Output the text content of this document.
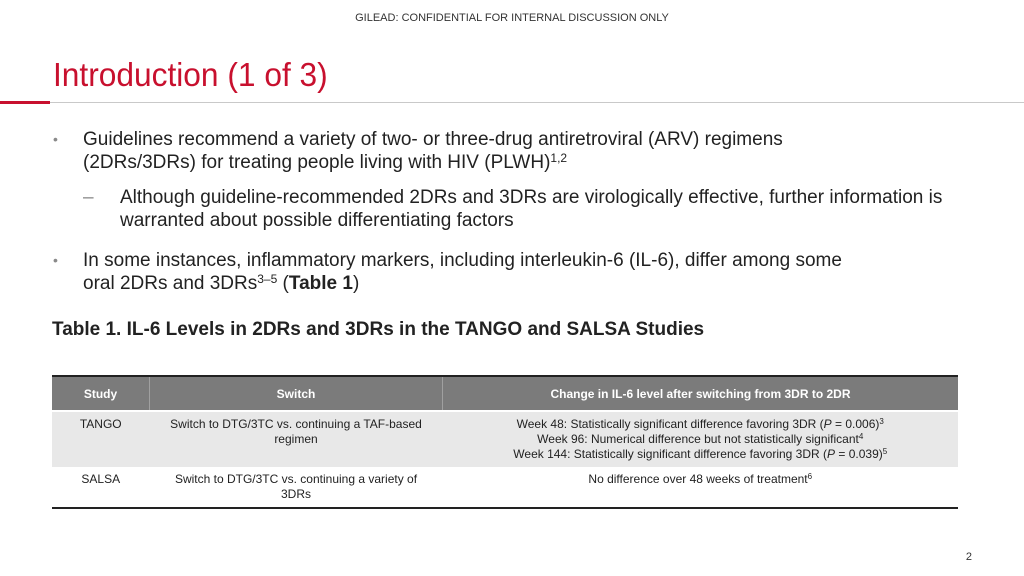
GILEAD: CONFIDENTIAL FOR INTERNAL DISCUSSION ONLY
Introduction (1 of 3)
• Guidelines recommend a variety of two- or three-drug antiretroviral (ARV) regimens
(2DRs/3DRs) for treating people living with HIV (PLWH)$^{1,2}$
– Although guideline-recommended 2DRs and 3DRs are virologically effective, further information is warranted about possible differentiating factors
• In some instances, inflammatory markers, including interleukin-6 (IL-6), differ among some
oral 2DRs and 3DRs$^{3-5}$ (Table 1)
Table 1. IL-6 Levels in 2DRs and 3DRs in the TANGO and SALSA Studies
Study	Switch	Change in IL-6 level after switching from 3DR to 2DR
TANGO	Switch to DTG/3TC vs. continuing a TAF-based regimen	Week 48: Statistically significant difference favoring 3DR (P = 0.006)$^3$
Week 96: Numerical difference but not statistically significant$^4$
Week 144: Statistically significant difference favoring 3DR (P = 0.039)$^5$

SALSA	Switch to DTG/3TC vs. continuing a variety of 3DRs	No difference over 48 weeks of treatment$^6$
2
